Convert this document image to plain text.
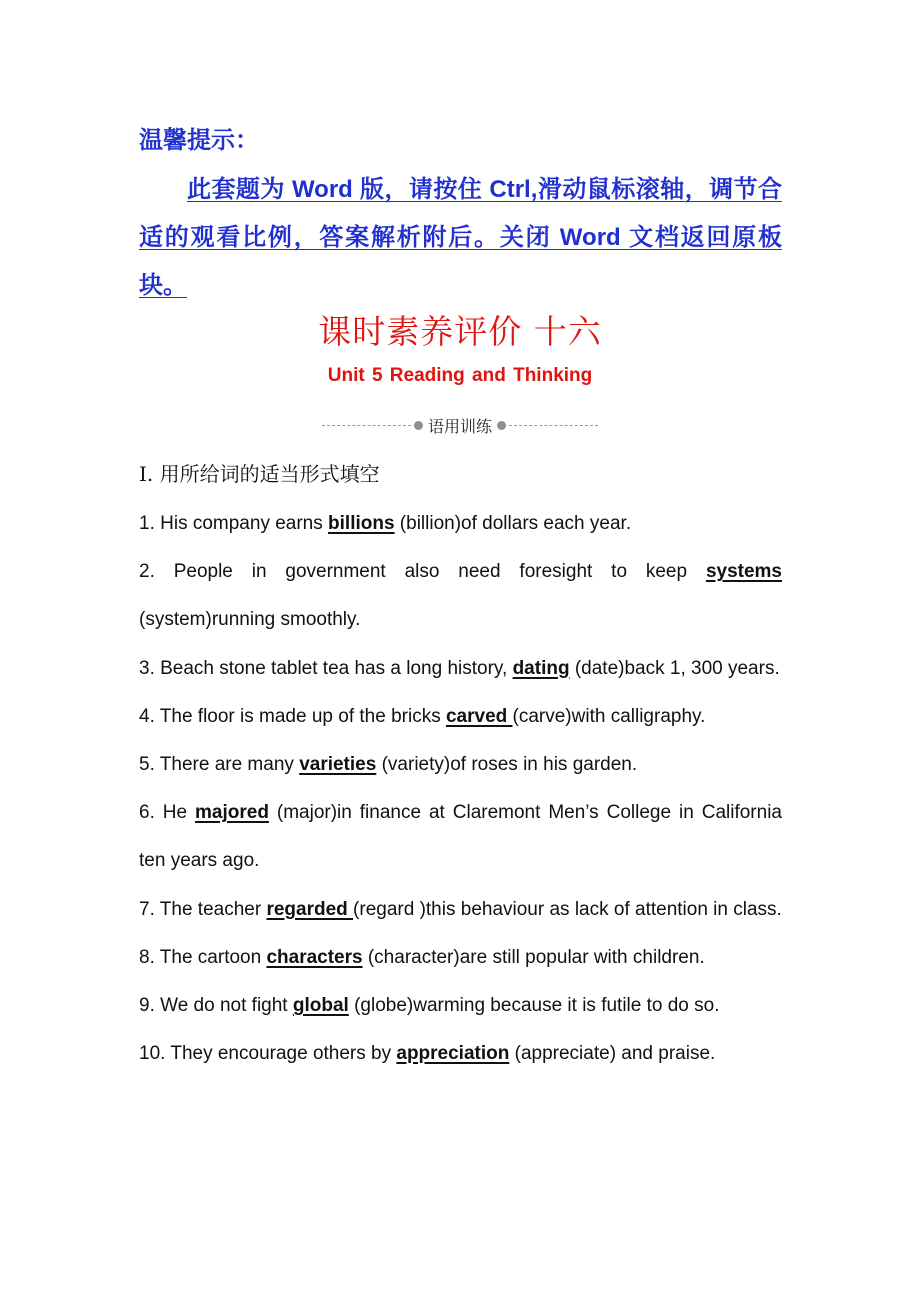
温馨提示：
此套题为 Word 版，请按住 Ctrl,滑动鼠标滚轴，调节合适的观看比例，答案解析附后。关闭 Word 文档返回原板块。
课时素养评价 十六
Unit 5 Reading and Thinking
语用训练
Ⅰ. 用所给词的适当形式填空
1. His company earns billions (billion)of dollars each year.
2. People in government also need foresight to keep systems (system)running smoothly.
3. Beach stone tablet tea has a long history, dating (date)back 1, 300 years.
4. The floor is made up of the bricks carved (carve)with calligraphy.
5. There are many varieties (variety)of roses in his garden.
6. He majored (major)in finance at Claremont Men’s College in California ten years ago.
7. The teacher regarded (regard )this behaviour as lack of attention in class.
8. The cartoon characters (character)are still popular with children.
9. We do not fight global (globe)warming because it is futile to do so.
10. They encourage others by appreciation (appreciate) and praise.
